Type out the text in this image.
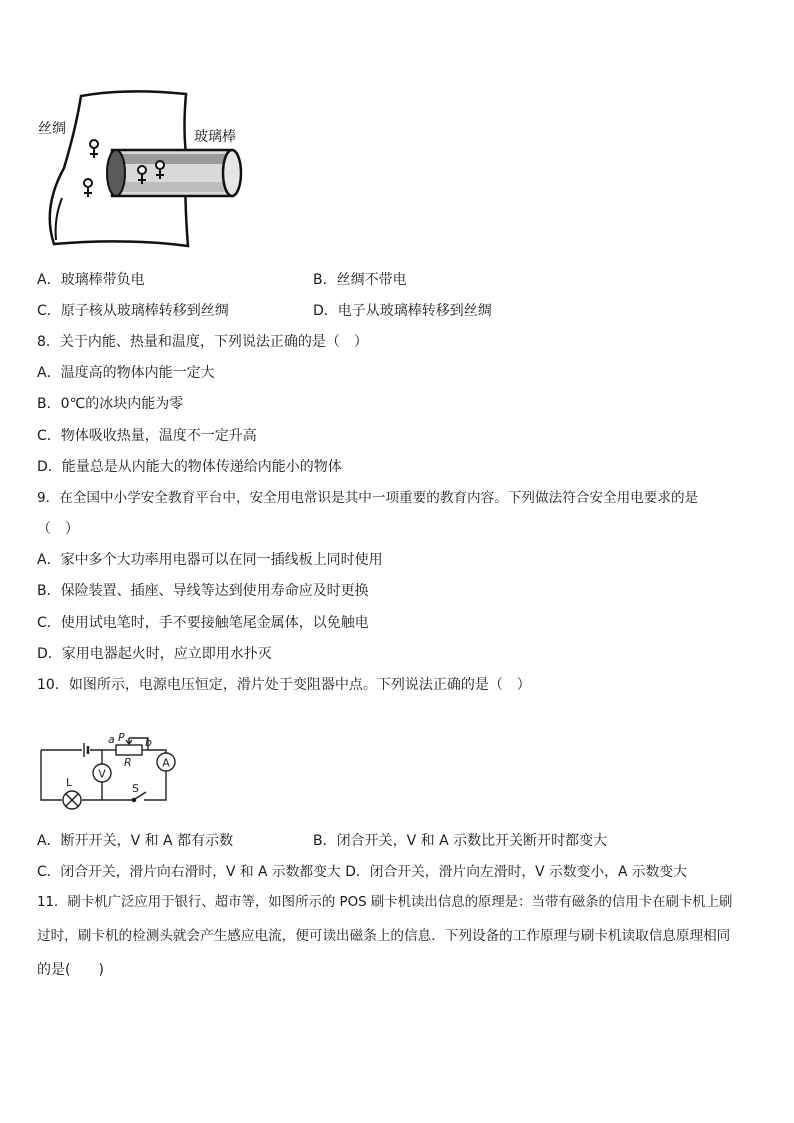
丝绸	玻璃棒
A．玻璃棒带负电	B．丝绸不带电
C．原子核从玻璃棒转移到丝绸	D．电子从玻璃棒转移到丝绸
8．关于内能、热量和温度，下列说法正确的是（　）
A．温度高的物体内能一定大
B．0℃的冰块内能为零
C．物体吸收热量，温度不一定升高
D．能量总是从内能大的物体传递给内能小的物体
9．在全国中小学安全教育平台中，安全用电常识是其中一项重要的教育内容。下列做法符合安全用电要求的是
（　）
A．家中多个大功率用电器可以在同一插线板上同时使用
B．保险装置、插座、导线等达到使用寿命应及时更换
C．使用试电笔时，手不要接触笔尾金属体，以免触电
D．家用电器起火时，应立即用水扑灭
10．如图所示，电源电压恒定，滑片处于变阻器中点。下列说法正确的是（　）
V
A
a P b
R
L	S
A．断开开关，V 和 A 都有示数	B．闭合开关，V 和 A 示数比开关断开时都变大
C．闭合开关，滑片向右滑时，V 和 A 示数都变大 D．闭合开关，滑片向左滑时，V 示数变小，A 示数变大
11．刷卡机广泛应用于银行、超市等，如图所示的 POS 刷卡机读出信息的原理是：当带有磁条的信用卡在刷卡机上刷
过时，刷卡机的检测头就会产生感应电流，便可读出磁条上的信息．下列设备的工作原理与刷卡机读取信息原理相同
的是(　　)
